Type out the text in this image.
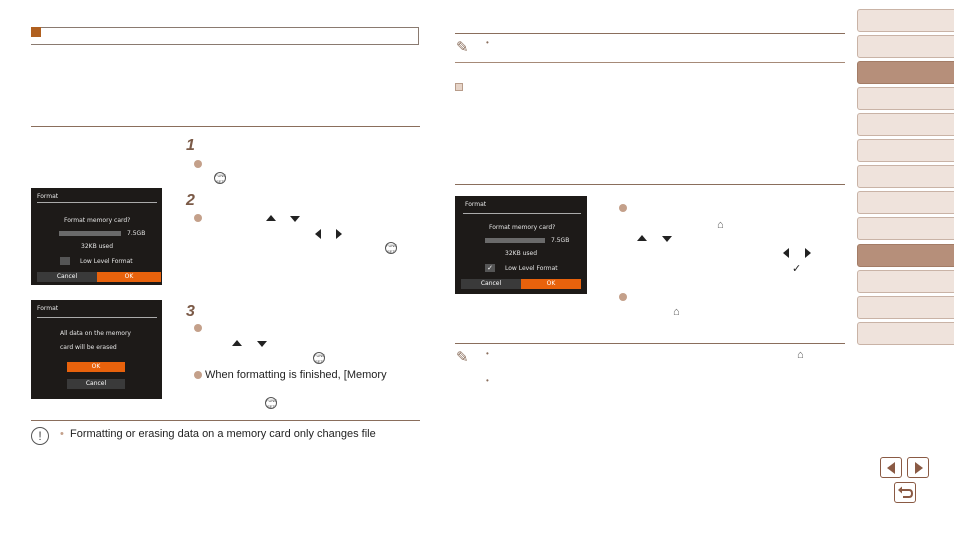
1
FUNC
SET
2
FUNC
SET
Format
Format memory card?
7.5GB
32KB used
Low Level Format
Cancel	OK
3
FUNC
SET
When formatting is finished, [Memory
FUNC
SET
Format
All data on the memory
card will be erased
OK
Cancel
!	• Formatting or erasing data on a memory card only changes file
✎ •
Format
Format memory card?
7.5GB
32KB used
✓	Low Level Format
Cancel	OK
⌂
✓
⌂
✎ •	⌂
•
